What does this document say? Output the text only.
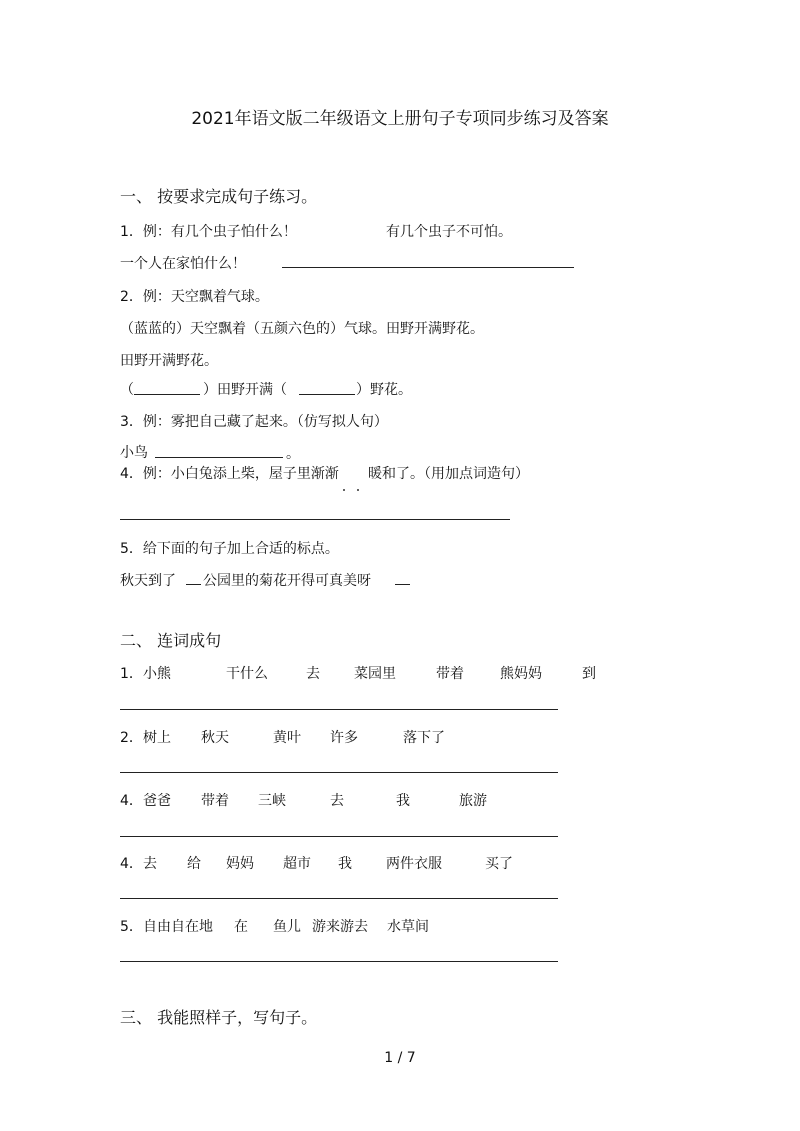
2021年语文版二年级语文上册句子专项同步练习及答案
一、 按要求完成句子练习。
1．例：有几个虫子怕什么！	有几个虫子不可怕。
一个人在家怕什么！
2．例：天空飘着气球。
（蓝蓝的）天空飘着（五颜六色的）气球。田野开满野花。
田野开满野花。
（	）田野开满（	）野花。
3．例：雾把自己藏了起来。（仿写拟人句）
小鸟	。
4．例：小白兔添上柴，屋子里渐渐 暖和了。（用加点词造句）
5．给下面的句子加上合适的标点。
秋天到了 公园里的菊花开得可真美呀
二、 连词成句
1． 小熊	干什么	去 菜园里	带着	熊妈妈	到
2． 树上 秋天	黄叶 许多	落下了
4． 爸爸 带着 三峡	去	我	旅游
4． 去 给 妈妈 超市 我 两件衣服	买了
5． 自由自在地 在 鱼儿 游来游去 水草间
三、 我能照样子，写句子。
1 / 7
